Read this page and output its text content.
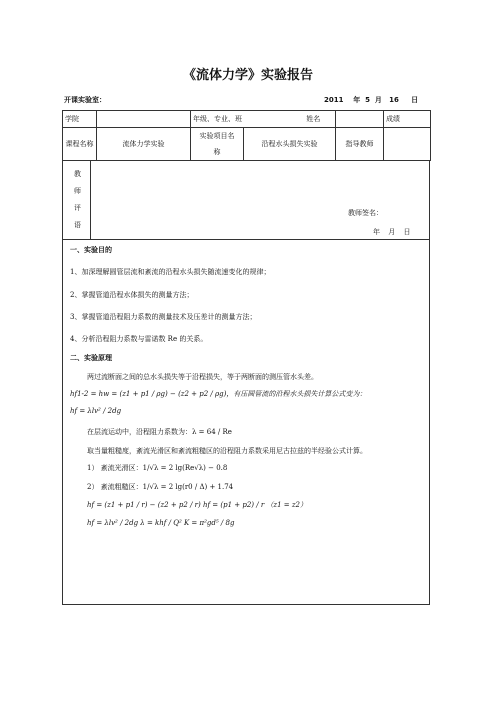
《流体力学》实验报告
开课实验室：	2011    年  5  月   16     日
学院		年级、专业、班 姓名			成绩
课程名称	流体力学实验	实验项目名　　称	沿程水头损失实验	指导教师	
教
师
评
语
教师签名：
年 月 日
一、实验目的
1、加深理解圆管层流和紊流的沿程水头损失随流速变化的规律；
2、掌握管道沿程水体损失的测量方法；
3、掌握管道沿程阻力系数的测量技术及压差计的测量方法；
4、分析沿程阻力系数与雷诺数 Re 的关系。
二、实验原理
两过流断面之间的总水头损失等于沿程损失，等于两断面的测压管水头差。
hf1-2 = hw = (z1 + p1 / ρg) − (z2 + p2 / ρg)，有压圆管流的沿程水头损失计算公式变为：
hf = λlv² / 2dg
在层流运动中，沿程阻力系数为：λ = 64 / Re
取当量粗糙度，紊流光滑区和紊流粗糙区的沿程阻力系数采用尼古拉兹的半经验公式计算。
1） 紊流光滑区：1/√λ = 2 lg(Re√λ) − 0.8
2） 紊流粗糙区：1/√λ = 2 lg(r0 / Δ) + 1.74
hf = (z1 + p1 / r) − (z2 + p2 / r) hf = (p1 + p2) / r （z1 = z2）
hf = λlv² / 2dg λ = khf / Q² K = π²gd⁵ / 8g
